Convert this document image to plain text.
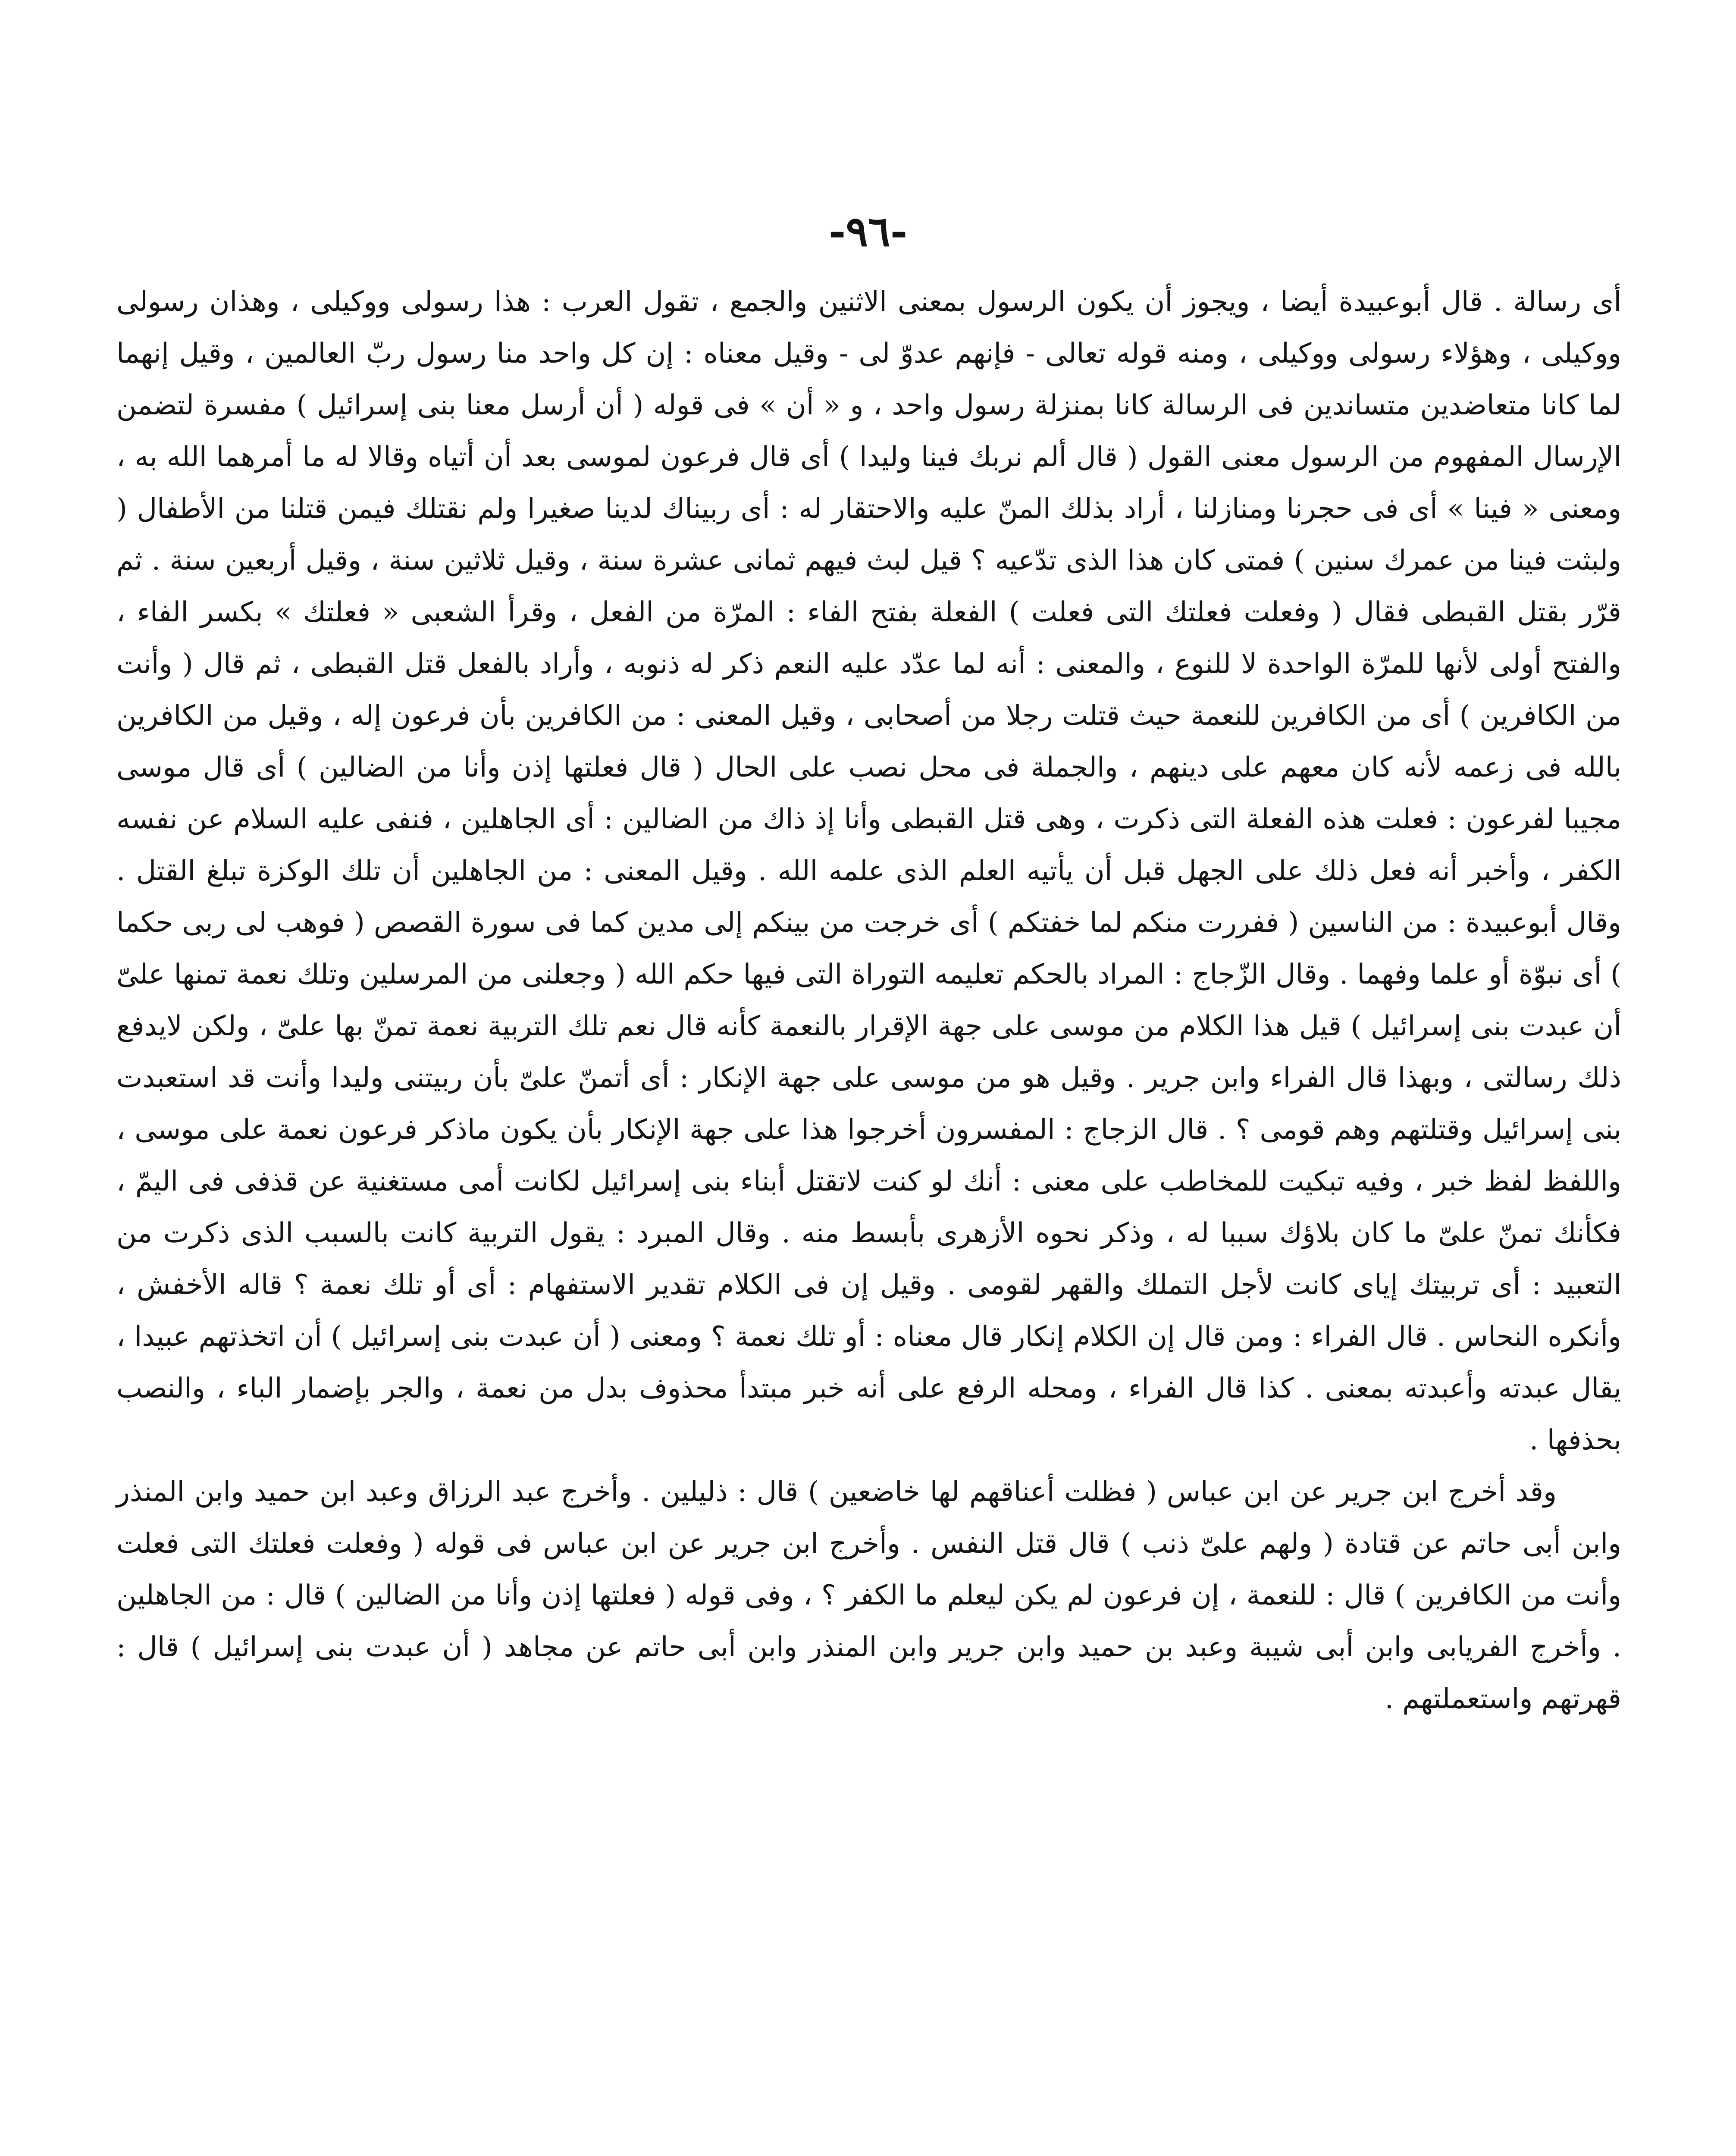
-٩٦-

أى رسالة . قال أبوعبيدة أيضا ، ويجوز أن يكون الرسول بمعنى الاثنين والجمع ، تقول العرب : هذا رسولى ووكيلى ، وهذان رسولى ووكيلى ، وهؤلاء رسولى ووكيلى ، ومنه قوله تعالى - فإنهم عدوّ لى - وقيل معناه : إن كل واحد منا رسول ربّ العالمين ، وقيل إنهما لما كانا متعاضدين متساندين فى الرسالة كانا بمنزلة رسول واحد ، و « أن » فى قوله ( أن أرسل معنا بنى إسرائيل ) مفسرة لتضمن الإرسال المفهوم من الرسول معنى القول ( قال ألم نربك فينا وليدا ) أى قال فرعون لموسى بعد أن أتياه وقالا له ما أمرهما الله به ، ومعنى « فينا » أى فى حجرنا ومنازلنا ، أراد بذلك المنّ عليه والاحتقار له : أى ربيناك لدينا صغيرا ولم نقتلك فيمن قتلنا من الأطفال ( ولبثت فينا من عمرك سنين ) فمتى كان هذا الذى تدّعيه ؟ قيل لبث فيهم ثمانى عشرة سنة ، وقيل ثلاثين سنة ، وقيل أربعين سنة . ثم قرّر بقتل القبطى فقال ( وفعلت فعلتك التى فعلت ) الفعلة بفتح الفاء : المرّة من الفعل ، وقرأ الشعبى « فعلتك » بكسر الفاء ، والفتح أولى لأنها للمرّة الواحدة لا للنوع ، والمعنى : أنه لما عدّد عليه النعم ذكر له ذنوبه ، وأراد بالفعل قتل القبطى ، ثم قال ( وأنت من الكافرين ) أى من الكافرين للنعمة حيث قتلت رجلا من أصحابى ، وقيل المعنى : من الكافرين بأن فرعون إله ، وقيل من الكافرين بالله فى زعمه لأنه كان معهم على دينهم ، والجملة فى محل نصب على الحال ( قال فعلتها إذن وأنا من الضالين ) أى قال موسى مجيبا لفرعون : فعلت هذه الفعلة التى ذكرت ، وهى قتل القبطى وأنا إذ ذاك من الضالين : أى الجاهلين ، فنفى عليه السلام عن نفسه الكفر ، وأخبر أنه فعل ذلك على الجهل قبل أن يأتيه العلم الذى علمه الله . وقيل المعنى : من الجاهلين أن تلك الوكزة تبلغ القتل . وقال أبوعبيدة : من الناسين ( ففررت منكم لما خفتكم ) أى خرجت من بينكم إلى مدين كما فى سورة القصص ( فوهب لى ربى حكما ) أى نبوّة أو علما وفهما . وقال الزّجاج : المراد بالحكم تعليمه التوراة التى فيها حكم الله ( وجعلنى من المرسلين وتلك نعمة تمنها علىّ أن عبدت بنى إسرائيل ) قيل هذا الكلام من موسى على جهة الإقرار بالنعمة كأنه قال نعم تلك التربية نعمة تمنّ بها علىّ ، ولكن لايدفع ذلك رسالتى ، وبهذا قال الفراء وابن جرير . وقيل هو من موسى على جهة الإنكار : أى أتمنّ علىّ بأن ربيتنى وليدا وأنت قد استعبدت بنى إسرائيل وقتلتهم وهم قومى ؟ . قال الزجاج : المفسرون أخرجوا هذا على جهة الإنكار بأن يكون ماذكر فرعون نعمة على موسى ، واللفظ لفظ خبر ، وفيه تبكيت للمخاطب على معنى : أنك لو كنت لاتقتل أبناء بنى إسرائيل لكانت أمى مستغنية عن قذفى فى اليمّ ، فكأنك تمنّ علىّ ما كان بلاؤك سببا له ، وذكر نحوه الأزهرى بأبسط منه . وقال المبرد : يقول التربية كانت بالسبب الذى ذكرت من التعبيد : أى تربيتك إياى كانت لأجل التملك والقهر لقومى . وقيل إن فى الكلام تقدير الاستفهام : أى أو تلك نعمة ؟ قاله الأخفش ، وأنكره النحاس . قال الفراء : ومن قال إن الكلام إنكار قال معناه : أو تلك نعمة ؟ ومعنى ( أن عبدت بنى إسرائيل ) أن اتخذتهم عبيدا ، يقال عبدته وأعبدته بمعنى . كذا قال الفراء ، ومحله الرفع على أنه خبر مبتدأ محذوف بدل من نعمة ، والجر بإضمار الباء ، والنصب بحذفها .

وقد أخرج ابن جرير عن ابن عباس ( فظلت أعناقهم لها خاضعين ) قال : ذليلين . وأخرج عبد الرزاق وعبد ابن حميد وابن المنذر وابن أبى حاتم عن قتادة ( ولهم علىّ ذنب ) قال قتل النفس . وأخرج ابن جرير عن ابن عباس فى قوله ( وفعلت فعلتك التى فعلت وأنت من الكافرين ) قال : للنعمة ، إن فرعون لم يكن ليعلم ما الكفر ؟ ، وفى قوله ( فعلتها إذن وأنا من الضالين ) قال : من الجاهلين . وأخرج الفريابى وابن أبى شيبة وعبد بن حميد وابن جرير وابن المنذر وابن أبى حاتم عن مجاهد ( أن عبدت بنى إسرائيل ) قال : قهرتهم واستعملتهم .
